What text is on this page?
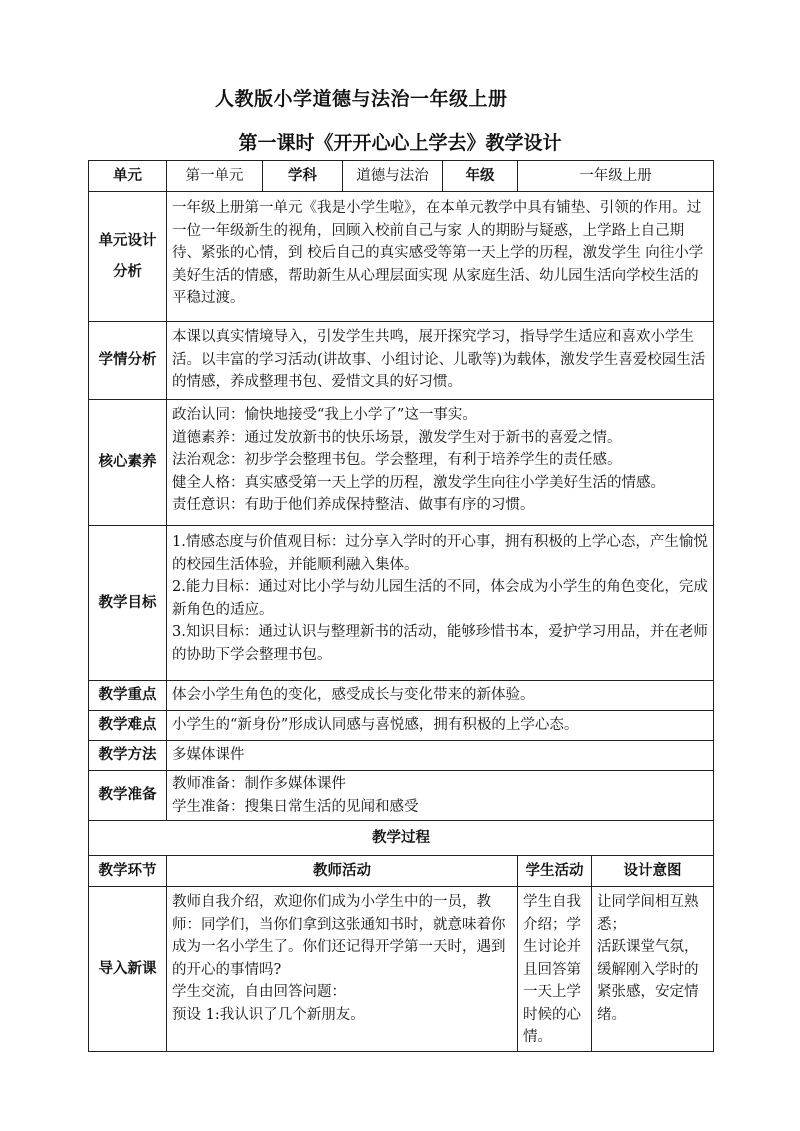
人教版小学道德与法治一年级上册
第一课时《开开心心上学去》教学设计
单元	第一单元	学科	道德与法治	年级	一年级上册	

单元设计
分析	一年级上册第一单元《我是小学生啦》，在本单元教学中具有铺垫、引领的作用。过一位一年级新生的视角，回顾入校前自己与家 人的期盼与疑惑，上学路上自己期待、紧张的心情，到 校后自己的真实感受等第一天上学的历程，激发学生 向往小学美好生活的情感，帮助新生从心理层面实现 从家庭生活、幼儿园生活向学校生活的平稳过渡。					
学情分析	本课以真实情境导入，引发学生共鸣，展开探究学习，指导学生适应和喜欢小学生活。以丰富的学习活动(讲故事、小组讨论、儿歌等)为载体，激发学生喜爱校园生活的情感，养成整理书包、爱惜文具的好习惯。					
核心素养	政治认同：愉快地接受“我上小学了”这一事实。
道德素养：通过发放新书的快乐场景，激发学生对于新书的喜爱之情。
法治观念：初步学会整理书包。学会整理，有利于培养学生的责任感。
健全人格：真实感受第一天上学的历程，激发学生向往小学美好生活的情感。
责任意识：有助于他们养成保持整洁、做事有序的习惯。					

教学目标	1.情感态度与价值观目标：过分享入学时的开心事，拥有积极的上学心态，产生愉悦的校园生活体验，并能顺利融入集体。
2.能力目标：通过对比小学与幼儿园生活的不同，体会成为小学生的角色变化，完成新角色的适应。
3.知识目标：通过认识与整理新书的活动，能够珍惜书本，爱护学习用品，并在老师的协助下学会整理书包。					

教学重点	体会小学生角色的变化，感受成长与变化带来的新体验。					
教学难点	小学生的“新身份”形成认同感与喜悦感，拥有积极的上学心态。					
教学方法	多媒体课件					
教学准备	教师准备：制作多媒体课件
学生准备：搜集日常生活的见闻和感受					

教学过程						
教学环节	教师活动				学生活动	设计意图
导入新课	教师自我介绍，欢迎你们成为小学生中的一员，教师：同学们，当你们拿到这张通知书时，就意味着你成为一名小学生了。你们还记得开学第一天时，遇到的开心的事情吗?
学生交流，自由回答问题：
预设 1:我认识了几个新朋友。				学生自我介绍；学生讨论并且回答第一天上学时候的心情。	让同学间相互熟悉；
活跃课堂气氛，缓解刚入学时的紧张感，安定情绪。
